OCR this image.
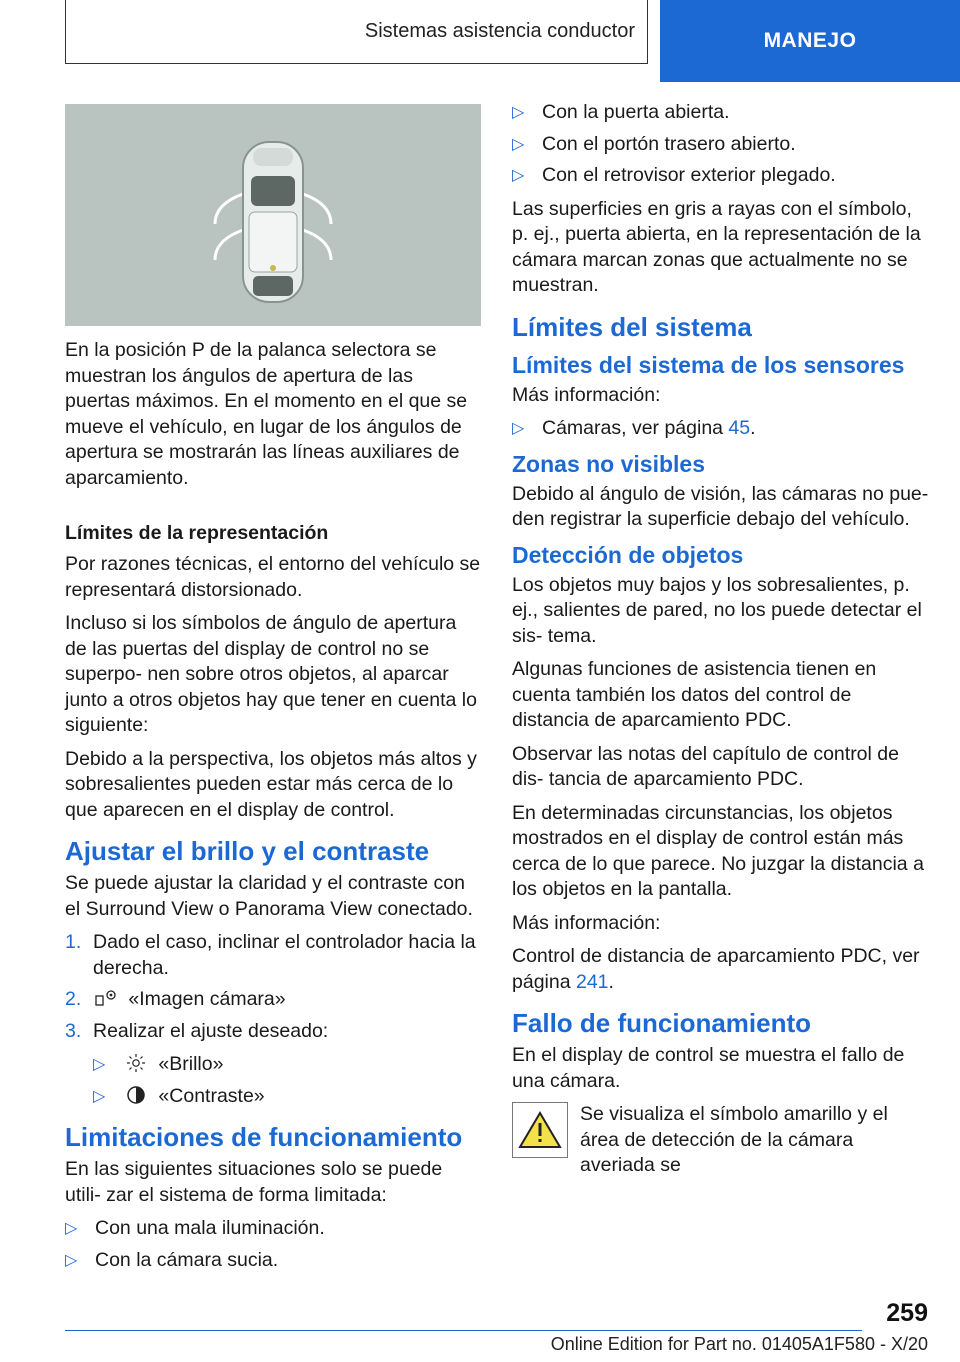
Sistemas asistencia conductor	MANEJO

En la posición P de la palanca selectora se muestran los ángulos de apertura de las puertas máximos. En el momento en el que se mueve el vehículo, en lugar de los ángulos de apertura se mostrarán las líneas auxiliares de aparcamiento.

Límites de la representación

Por razones técnicas, el entorno del vehículo se representará distorsionado.

Incluso si los símbolos de ángulo de apertura de las puertas del display de control no se superpo‐ nen sobre otros objetos, al aparcar junto a otros objetos hay que tener en cuenta lo siguiente:

Debido a la perspectiva, los objetos más altos y sobresalientes pueden estar más cerca de lo que aparecen en el display de control.

Ajustar el brillo y el contraste

Se puede ajustar la claridad y el contraste con el Surround View o Panorama View conectado.

1. Dado el caso, inclinar el controlador hacia la derecha.
2.	«Imagen cámara»
3. Realizar el ajuste deseado:
▷	«Brillo»
▷	«Contraste»
Limitaciones de funcionamiento

En las siguientes situaciones solo se puede utili‐ zar el sistema de forma limitada:

▷ Con una mala iluminación.
▷ Con la cámara sucia.
▷ Con la puerta abierta.
▷ Con el portón trasero abierto.
▷ Con el retrovisor exterior plegado.

Las superficies en gris a rayas con el símbolo, p. ej., puerta abierta, en la representación de la cámara marcan zonas que actualmente no se muestran.

Límites del sistema
Límites del sistema de los sensores

Más información:

▷ Cámaras, ver página 45.
Zonas no visibles

Debido al ángulo de visión, las cámaras no pue‐ den registrar la superficie debajo del vehículo.

Detección de objetos

Los objetos muy bajos y los sobresalientes, p. ej., salientes de pared, no los puede detectar el sis‐ tema.

Algunas funciones de asistencia tienen en cuenta también los datos del control de distancia de aparcamiento PDC.

Observar las notas del capítulo de control de dis‐ tancia de aparcamiento PDC.

En determinadas circunstancias, los objetos mostrados en el display de control están más cerca de lo que parece. No juzgar la distancia a los objetos en la pantalla.

Más información:

Control de distancia de aparcamiento PDC, ver página 241.

Fallo de funcionamiento

En el display de control se muestra el fallo de una cámara.

Se visualiza el símbolo amarillo y el área de detección de la cámara averiada se
259
Online Edition for Part no. 01405A1F580 - X/20
